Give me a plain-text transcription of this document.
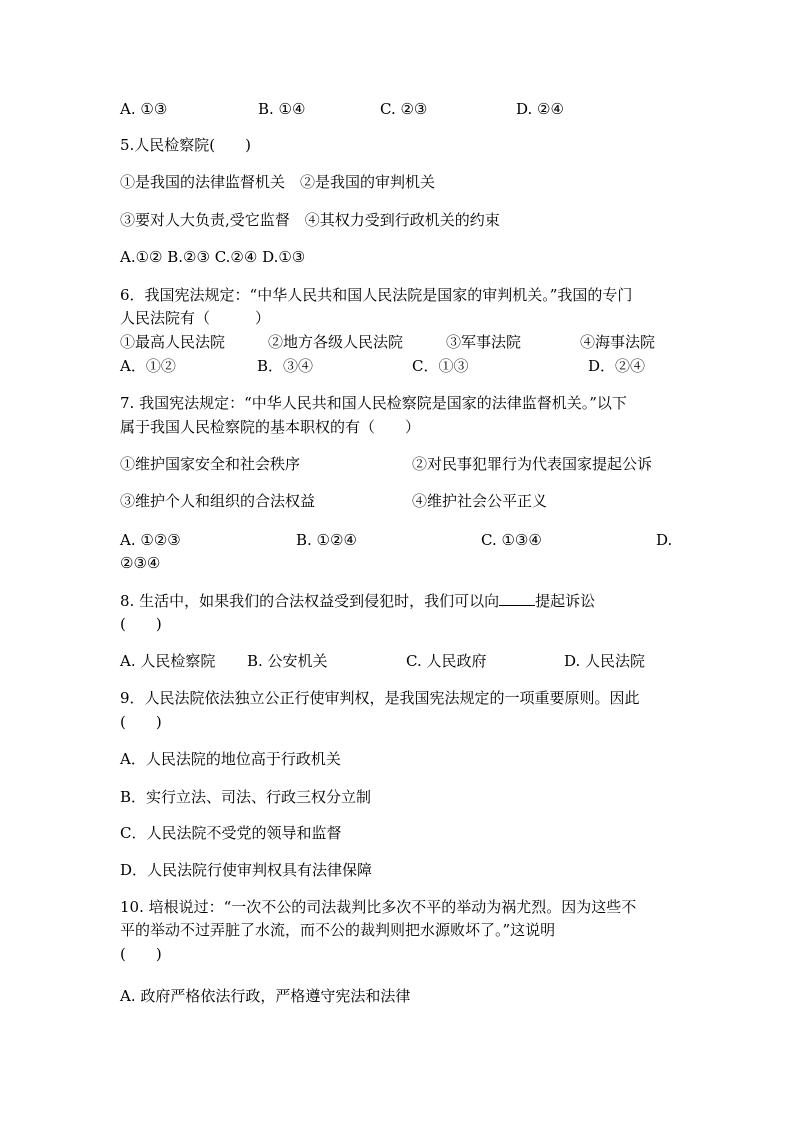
A. ①③	B. ①④	C. ②③	D. ②④
5.人民检察院(　　)
①是我国的法律监督机关　②是我国的审判机关
③要对人大负责,受它监督　④其权力受到行政机关的约束
A.①② B.②③ C.②④ D.①③
6．我国宪法规定：“中华人民共和国人民法院是国家的审判机关。”我国的专门
人民法院有（　　　）
①最高人民法院	②地方各级人民法院	③军事法院	④海事法院
A．①②	B．③④	C．①③	D．②④
7. 我国宪法规定：“中华人民共和国人民检察院是国家的法律监督机关。”以下
属于我国人民检察院的基本职权的有（　　）
①维护国家安全和社会秩序	②对民事犯罪行为代表国家提起公诉
③维护个人和组织的合法权益	④维护社会公平正义
A. ①②③	B. ①②④	C. ①③④	D.
②③④
8. 生活中，如果我们的合法权益受到侵犯时，我们可以向 提起诉讼
(　　)
A. 人民检察院 B. 公安机关	C. 人民政府	D. 人民法院
9．人民法院依法独立公正行使审判权，是我国宪法规定的一项重要原则。因此
(　　)
A．人民法院的地位高于行政机关
B．实行立法、司法、行政三权分立制
C．人民法院不受党的领导和监督
D．人民法院行使审判权具有法律保障
10. 培根说过：“一次不公的司法裁判比多次不平的举动为祸尤烈。因为这些不
平的举动不过弄脏了水流，而不公的裁判则把水源败坏了。”这说明
(　　)
A. 政府严格依法行政，严格遵守宪法和法律
